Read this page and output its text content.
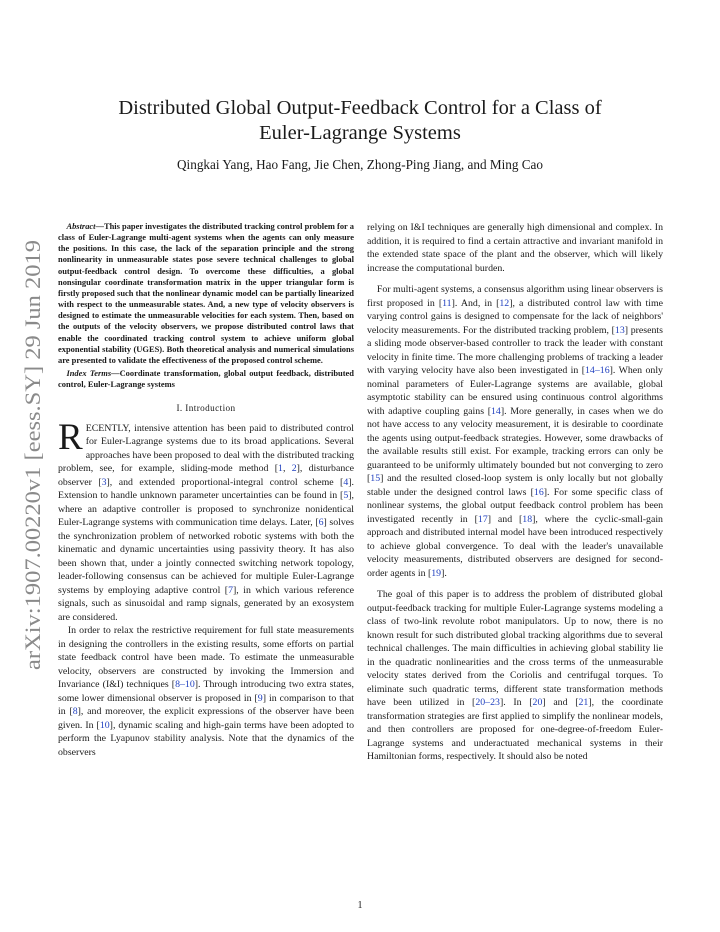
arXiv:1907.00220v1 [eess.SY] 29 Jun 2019
Distributed Global Output-Feedback Control for a Class of
Euler-Lagrange Systems
Qingkai Yang, Hao Fang, Jie Chen, Zhong-Ping Jiang, and Ming Cao

Abstract—This paper investigates the distributed tracking control problem for a class of Euler-Lagrange multi-agent systems when the agents can only measure the positions. In this case, the lack of the separation principle and the strong nonlinearity in unmeasurable states pose severe technical challenges to global output-feedback control design. To overcome these difficulties, a global nonsingular coordinate transformation matrix in the upper triangular form is firstly proposed such that the nonlinear dynamic model can be partially linearized with respect to the unmeasurable states. And, a new type of velocity observers is designed to estimate the unmeasurable velocities for each system. Then, based on the outputs of the velocity observers, we propose distributed control laws that enable the coordinated tracking control system to achieve uniform global exponential stability (UGES). Both theoretical analysis and numerical simulations are presented to validate the effectiveness of the proposed control scheme.

Index Terms—Coordinate transformation, global output feedback, distributed control, Euler-Lagrange systems

I. Introduction

RECENTLY, intensive attention has been paid to distributed control for Euler-Lagrange systems due to its broad applications. Several approaches have been proposed to deal with the distributed tracking problem, see, for example, sliding-mode method [1, 2], disturbance observer [3], and extended proportional-integral control scheme [4]. Extension to handle unknown parameter uncertainties can be found in [5], where an adaptive controller is proposed to synchronize nonidentical Euler-Lagrange systems with communication time delays. Later, [6] solves the synchronization problem of networked robotic systems with both the kinematic and dynamic uncertainties using passivity theory. It has also been shown that, under a jointly connected switching network topology, leader-following consensus can be achieved for multiple Euler-Lagrange systems by employing adaptive control [7], in which various reference signals, such as sinusoidal and ramp signals, generated by an exosystem are considered.

In order to relax the restrictive requirement for full state measurements in designing the controllers in the existing results, some efforts on partial state feedback control have been made. To estimate the unmeasurable velocity, observers are constructed by invoking the Immersion and Invariance (I&I) techniques [8–10]. Through introducing two extra states, some lower dimensional observer is proposed in [9] in comparison to that in [8], and moreover, the explicit expressions of the observer have been given. In [10], dynamic scaling and high-gain terms have been adopted to perform the Lyapunov stability analysis. Note that the dynamics of the observers

relying on I&I techniques are generally high dimensional and complex. In addition, it is required to find a certain attractive and invariant manifold in the extended state space of the plant and the observer, which will likely increase the computational burden.

For multi-agent systems, a consensus algorithm using linear observers is first proposed in [11]. And, in [12], a distributed control law with time varying control gains is designed to compensate for the lack of neighbors' velocity measurements. For the distributed tracking problem, [13] presents a sliding mode observer-based controller to track the leader with constant velocity in finite time. The more challenging problems of tracking a leader with varying velocity have also been investigated in [14–16]. When only nominal parameters of Euler-Lagrange systems are available, global asymptotic stability can be ensured using continuous control algorithms with adaptive coupling gains [14]. More generally, in cases when we do not have access to any velocity measurement, it is desirable to coordinate the agents using output-feedback strategies. However, some drawbacks of the available results still exist. For example, tracking errors can only be guaranteed to be uniformly ultimately bounded but not converging to zero [15] and the resulted closed-loop system is only locally but not globally stable under the designed control laws [16]. For some specific class of nonlinear systems, the global output feedback control problem has been investigated recently in [17] and [18], where the cyclic-small-gain approach and distributed internal model have been introduced respectively to achieve global convergence. To deal with the leader's unavailable velocity measurements, distributed observers are designed for second-order agents in [19].

The goal of this paper is to address the problem of distributed global output-feedback tracking for multiple Euler-Lagrange systems modeling a class of two-link revolute robot manipulators. Up to now, there is no known result for such distributed global tracking algorithms due to several technical challenges. The main difficulties in achieving global stability lie in the quadratic nonlinearities and the cross terms of the unmeasurable velocity states derived from the Coriolis and centrifugal torques. To eliminate such quadratic terms, different state transformation methods have been utilized in [20–23]. In [20] and [21], the coordinate transformation strategies are first applied to simplify the nonlinear models, and then controllers are proposed for one-degree-of-freedom Euler-Lagrange systems and underactuated mechanical systems in their Hamiltonian forms, respectively. It should also be noted

1
